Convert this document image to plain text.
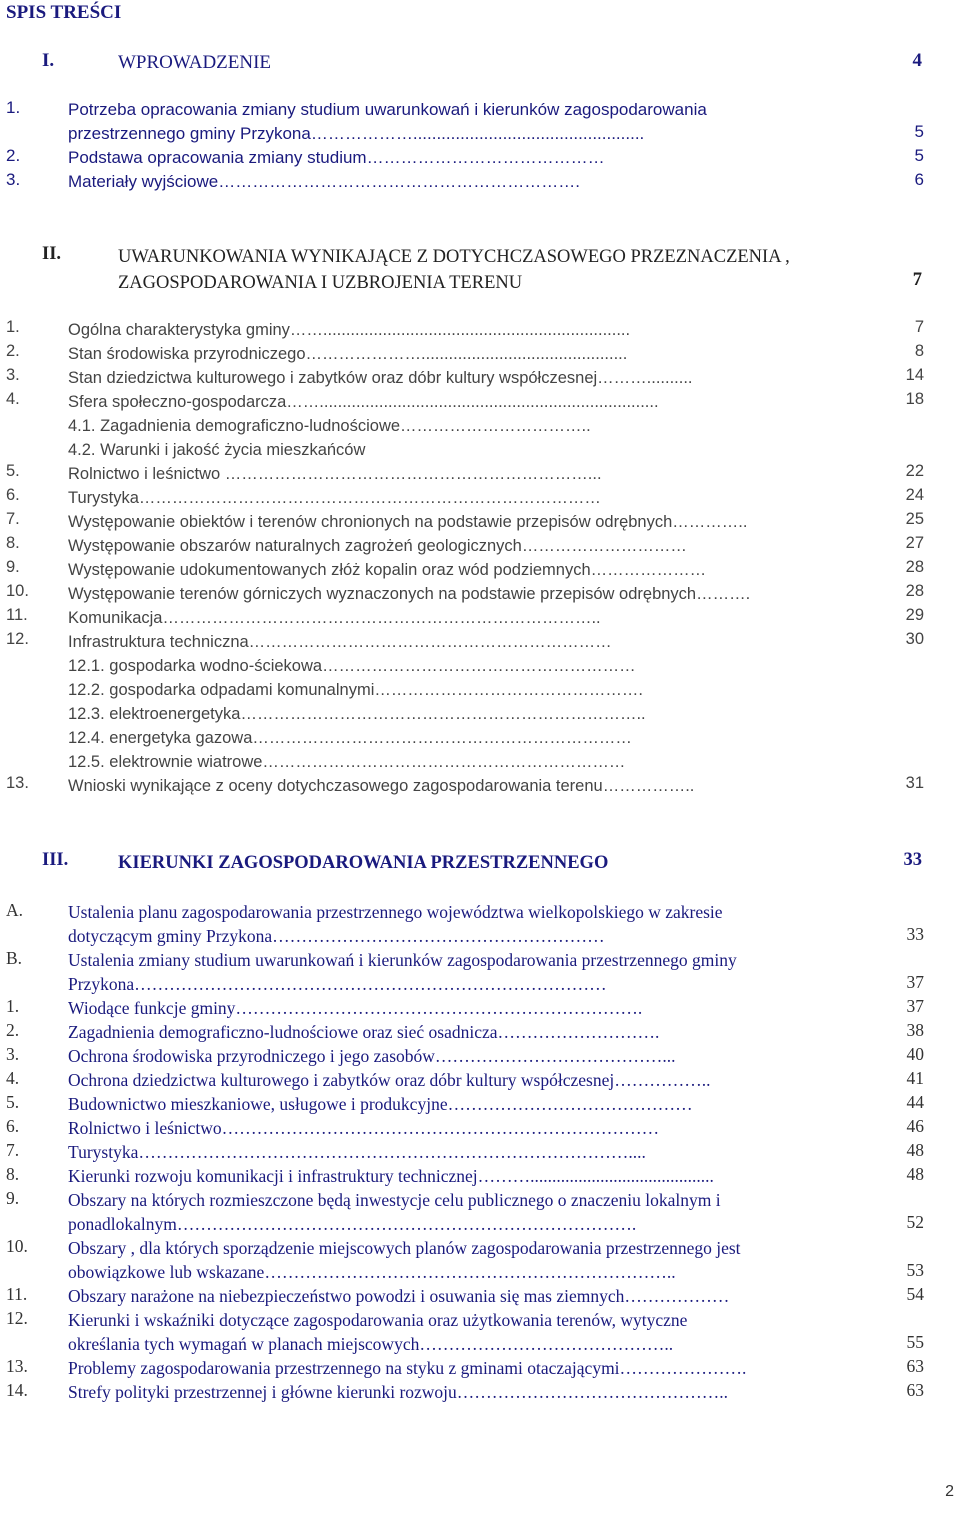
SPIS TREŚCI
I.	WPROWADZENIE	4
1.	Potrzeba opracowania zmiany studium uwarunkowań i kierunków zagospodarowania
przestrzennego gminy Przykona……………….................................................	5
2.	Podstawa opracowania zmiany studium……………………………………	5
3.	Materiały wyjściowe……………………………………………………….	6
II.	UWARUNKOWANIA WYNIKAJĄCE Z DOTYCHCZASOWEGO PRZEZNACZENIA ,
ZAGOSPODAROWANIA I UZBROJENIA TERENU	7
1.	Ogólna charakterystyka gminy……...................................................................	7
2.	Stan środowiska przyrodniczego………………….............................................	8
3.	Stan dziedzictwa kulturowego i zabytków oraz dóbr kultury współczesnej………..........	14
4.	Sfera społeczno-gospodarcza……..........................................................................	18
4.1. Zagadnienia demograficzno-ludnościowe……………………………..
4.2. Warunki i jakość życia mieszkańców
5.	Rolnictwo i leśnictwo …………………………………………………………...	22
6.	Turystyka…………………………………………………………………………	24
7.	Występowanie obiektów i terenów chronionych na podstawie przepisów odrębnych…………..	25
8.	Występowanie obszarów naturalnych zagrożeń geologicznych…………………………	27
9.	Występowanie udokumentowanych złóż kopalin oraz wód podziemnych…………………	28
10. Występowanie terenów górniczych wyznaczonych na podstawie przepisów odrębnych……….	28
11. Komunikacja……………………………………………………………………..	29
12. Infrastruktura techniczna…………………………………………………………	30
12.1. gospodarka wodno-ściekowa…………………………………………………
12.2. gospodarka odpadami komunalnymi………………………………………….
12.3. elektroenergetyka………………………………………………………………..
12.4. energetyka gazowa……………………………………………………………
12.5. elektrownie wiatrowe…………………………………………………………
13. Wnioski wynikające z oceny dotychczasowego zagospodarowania terenu……………..	31
III.	KIERUNKI ZAGOSPODAROWANIA PRZESTRZENNEGO	33
A.	Ustalenia planu zagospodarowania przestrzennego województwa wielkopolskiego w zakresie
dotyczącym gminy Przykona…………………………………………………	33
B.	Ustalenia zmiany studium uwarunkowań i kierunków zagospodarowania przestrzennego gminy
Przykona………………………………………………………………………	37
1.	Wiodące funkcje gminy…………………………………………………………….	37
2.	Zagadnienia demograficzno-ludnościowe oraz sieć osadnicza……………………….	38
3.	Ochrona środowiska przyrodniczego i jego zasobów…………………………………...	40
4.	Ochrona dziedzictwa kulturowego i zabytków oraz dóbr kultury współczesnej……………..	41
5.	Budownictwo mieszkaniowe, usługowe i produkcyjne……………………………………	44
6.	Rolnictwo i leśnictwo…………………………………………………………………	46
7.	Turystyka…………………………………………………………………………....	48
8.	Kierunki rozwoju komunikacji i infrastruktury technicznej………..........................................	48
9.	Obszary na których rozmieszczone będą inwestycje celu publicznego o znaczeniu lokalnym i
ponadlokalnym…………………………………………………………………….	52
10. Obszary , dla których sporządzenie miejscowych planów zagospodarowania przestrzennego jest
obowiązkowe lub wskazane……………………………………………………………..	53
11. Obszary narażone na niebezpieczeństwo powodzi i osuwania się mas ziemnych………………	54
12. Kierunki i wskaźniki dotyczące zagospodarowania oraz użytkowania terenów, wytyczne
określania tych wymagań w planach miejscowych……………………………………..	55
13. Problemy zagospodarowania przestrzennego na styku z gminami otaczającymi………………….	63
14. Strefy polityki przestrzennej i główne kierunki rozwoju………………………………………..	63
2
